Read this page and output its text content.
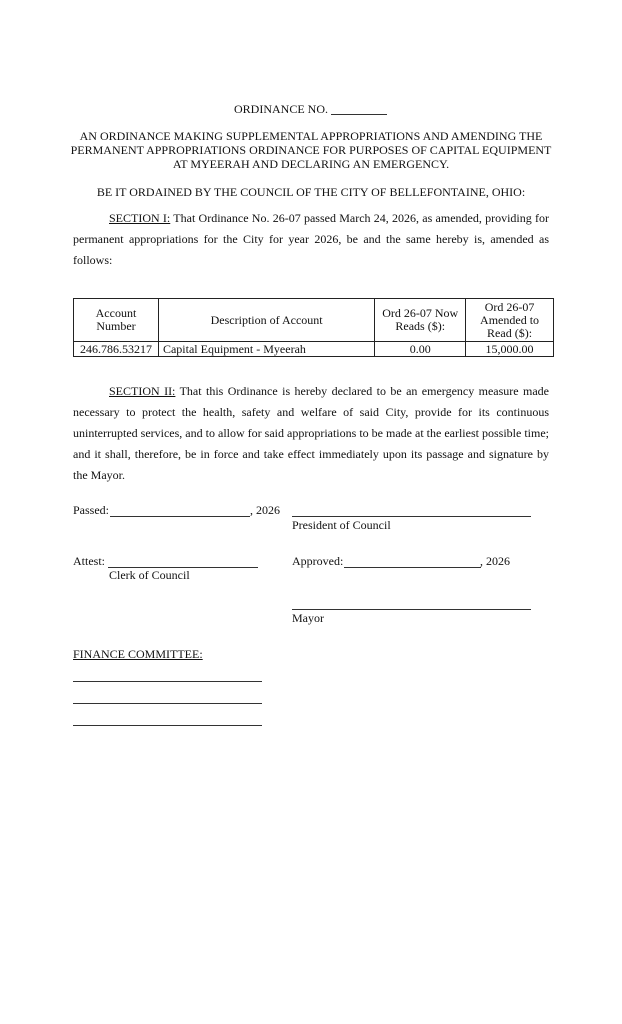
ORDINANCE NO.
AN ORDINANCE MAKING SUPPLEMENTAL APPROPRIATIONS AND AMENDING THE PERMANENT APPROPRIATIONS ORDINANCE FOR PURPOSES OF CAPITAL EQUIPMENT AT MYEERAH AND DECLARING AN EMERGENCY.
BE IT ORDAINED BY THE COUNCIL OF THE CITY OF BELLEFONTAINE, OHIO:
SECTION I: That Ordinance No. 26-07 passed March 24, 2026, as amended, providing for permanent appropriations for the City for year 2026, be and the same hereby is, amended as follows:
Account Number	Description of Account	Ord 26-07 Now Reads ($):	Ord 26-07 Amended to Read ($):
246.786.53217	Capital Equipment - Myeerah	0.00	15,000.00
SECTION II: That this Ordinance is hereby declared to be an emergency measure made necessary to protect the health, safety and welfare of said City, provide for its continuous uninterrupted services, and to allow for said appropriations to be made at the earliest possible time; and it shall, therefore, be in force and take effect immediately upon its passage and signature by the Mayor.
Passed:	, 2026
President of Council
Attest:
Clerk of Council
Approved:	, 2026
Mayor
FINANCE COMMITTEE:
